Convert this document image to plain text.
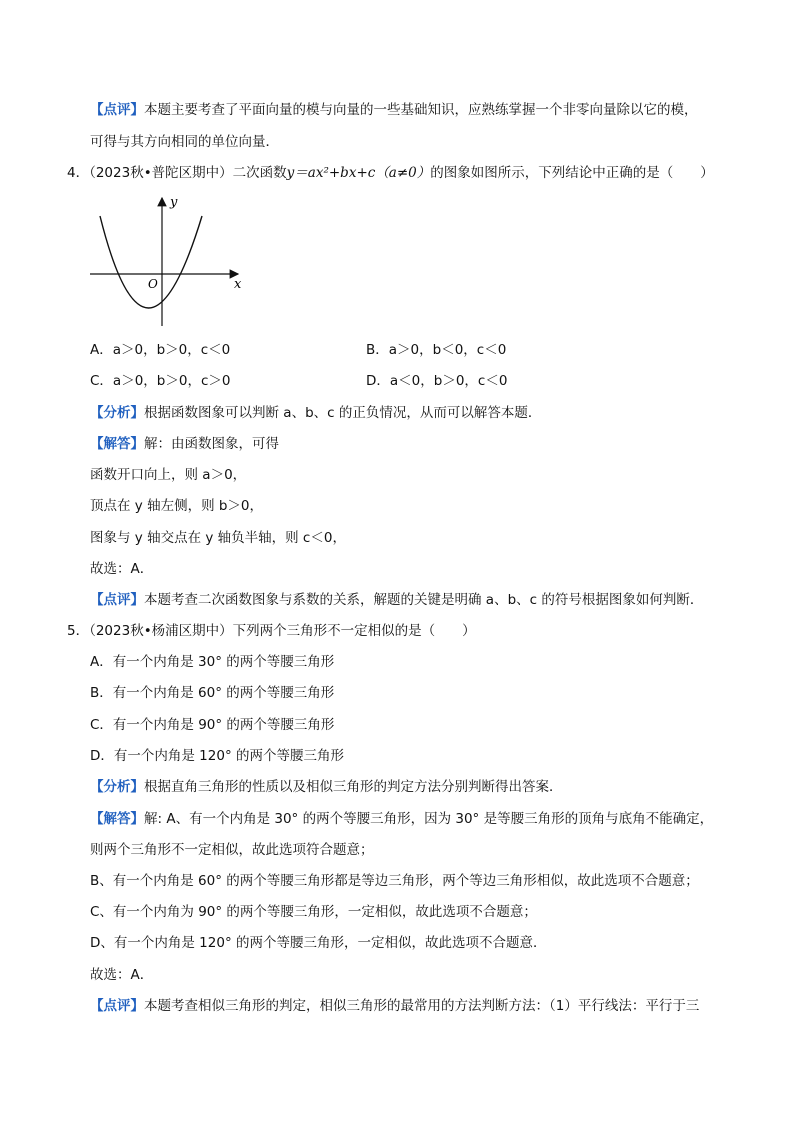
【点评】本题主要考查了平面向量的模与向量的一些基础知识，应熟练掌握一个非零向量除以它的模，
可得与其方向相同的单位向量．
4．（2023秋•普陀区期中）二次函数y＝ax²+bx+c（a≠0）的图象如图所示，下列结论中正确的是（　　）
y
x
O
A．a＞0，b＞0，c＜0	B．a＞0，b＜0，c＜0
C．a＞0，b＞0，c＞0	D．a＜0，b＞0，c＜0
【分析】根据函数图象可以判断 a、b、c 的正负情况，从而可以解答本题．
【解答】解：由函数图象，可得
函数开口向上，则 a＞0，
顶点在 y 轴左侧，则 b＞0，
图象与 y 轴交点在 y 轴负半轴，则 c＜0，
故选：A．
【点评】本题考查二次函数图象与系数的关系，解题的关键是明确 a、b、c 的符号根据图象如何判断．
5．（2023秋•杨浦区期中）下列两个三角形不一定相似的是（　　）
A．有一个内角是 30° 的两个等腰三角形
B．有一个内角是 60° 的两个等腰三角形
C．有一个内角是 90° 的两个等腰三角形
D．有一个内角是 120° 的两个等腰三角形
【分析】根据直角三角形的性质以及相似三角形的判定方法分别判断得出答案．
【解答】解: A、有一个内角是 30° 的两个等腰三角形，因为 30° 是等腰三角形的顶角与底角不能确定，
则两个三角形不一定相似，故此选项符合题意；
B、有一个内角是 60° 的两个等腰三角形都是等边三角形，两个等边三角形相似，故此选项不合题意；
C、有一个内角为 90° 的两个等腰三角形，一定相似，故此选项不合题意；
D、有一个内角是 120° 的两个等腰三角形，一定相似，故此选项不合题意．
故选：A．
【点评】本题考查相似三角形的判定，相似三角形的最常用的方法判断方法：（1）平行线法：平行于三
